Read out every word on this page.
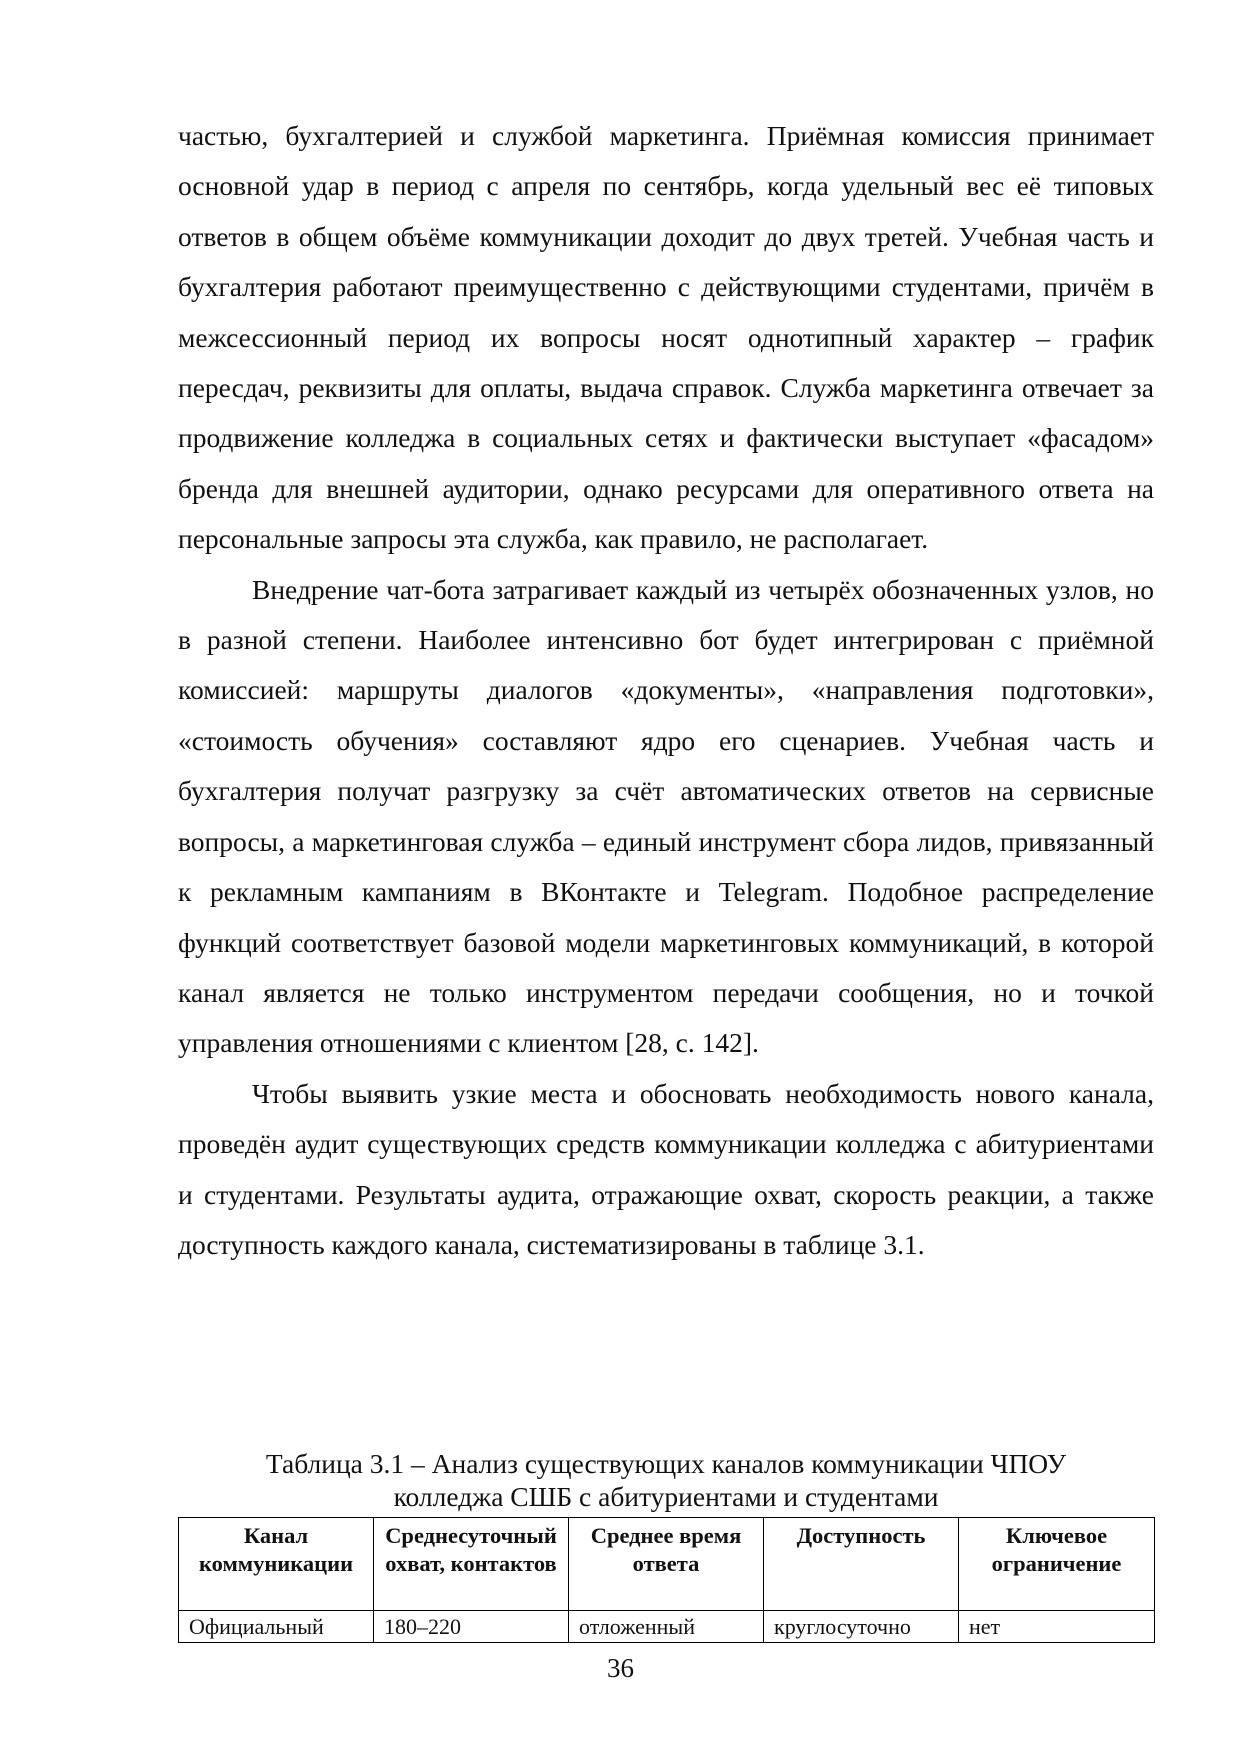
частью, бухгалтерией и службой маркетинга. Приёмная комиссия принимает основной удар в период с апреля по сентябрь, когда удельный вес её типовых ответов в общем объёме коммуникации доходит до двух третей. Учебная часть и бухгалтерия работают преимущественно с действующими студентами, причём в межсессионный период их вопросы носят однотипный характер – график пересдач, реквизиты для оплаты, выдача справок. Служба маркетинга отвечает за продвижение колледжа в социальных сетях и фактически выступает «фасадом» бренда для внешней аудитории, однако ресурсами для оперативного ответа на персональные запросы эта служба, как правило, не располагает.

Внедрение чат-бота затрагивает каждый из четырёх обозначенных узлов, но в разной степени. Наиболее интенсивно бот будет интегрирован с приёмной комиссией: маршруты диалогов «документы», «направления подготовки», «стоимость обучения» составляют ядро его сценариев. Учебная часть и бухгалтерия получат разгрузку за счёт автоматических ответов на сервисные вопросы, а маркетинговая служба – единый инструмент сбора лидов, привязанный к рекламным кампаниям в ВКонтакте и Telegram. Подобное распределение функций соответствует базовой модели маркетинговых коммуникаций, в которой канал является не только инструментом передачи сообщения, но и точкой управления отношениями с клиентом [28, с. 142].

Чтобы выявить узкие места и обосновать необходимость нового канала, проведён аудит существующих средств коммуникации колледжа с абитуриентами и студентами. Результаты аудита, отражающие охват, скорость реакции, а также доступность каждого канала, систематизированы в таблице 3.1.

Таблица 3.1 – Анализ существующих каналов коммуникации ЧПОУ
колледжа СШБ с абитуриентами и студентами
Канал коммуникации	Среднесуточный охват, контактов	Среднее время ответа	Доступность	Ключевое ограничение
Официальный	180–220	отложенный	круглосуточно	нет
36
